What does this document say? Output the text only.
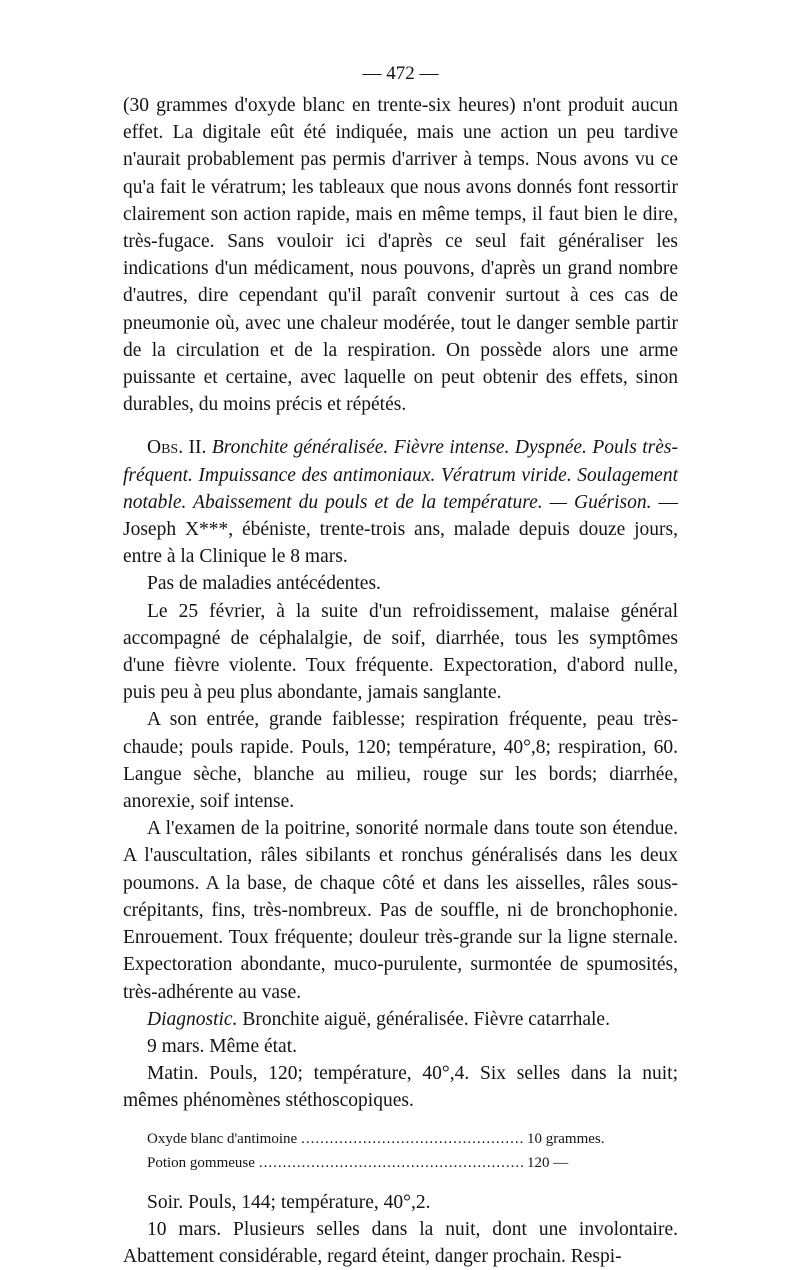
— 472 —

(30 grammes d'oxyde blanc en trente-six heures) n'ont produit aucun effet. La digitale eût été indiquée, mais une action un peu tardive n'aurait probablement pas permis d'arriver à temps. Nous avons vu ce qu'a fait le vératrum; les tableaux que nous avons donnés font ressortir clairement son action rapide, mais en même temps, il faut bien le dire, très-fugace. Sans vouloir ici d'après ce seul fait généraliser les indications d'un médicament, nous pouvons, d'après un grand nombre d'autres, dire cependant qu'il paraît convenir surtout à ces cas de pneumonie où, avec une chaleur modérée, tout le danger semble partir de la circulation et de la respiration. On possède alors une arme puissante et certaine, avec laquelle on peut obtenir des effets, sinon durables, du moins précis et répétés.

Obs. II. Bronchite généralisée. Fièvre intense. Dyspnée. Pouls très-fréquent. Impuissance des antimoniaux. Vératrum viride. Soulagement notable. Abaissement du pouls et de la température. — Guérison. — Joseph X***, ébéniste, trente-trois ans, malade depuis douze jours, entre à la Clinique le 8 mars.

Pas de maladies antécédentes.

Le 25 février, à la suite d'un refroidissement, malaise général accompagné de céphalalgie, de soif, diarrhée, tous les symptômes d'une fièvre violente. Toux fréquente. Expectoration, d'abord nulle, puis peu à peu plus abondante, jamais sanglante.

A son entrée, grande faiblesse; respiration fréquente, peau très-chaude; pouls rapide. Pouls, 120; température, 40°,8; respiration, 60. Langue sèche, blanche au milieu, rouge sur les bords; diarrhée, anorexie, soif intense.

A l'examen de la poitrine, sonorité normale dans toute son étendue. A l'auscultation, râles sibilants et ronchus généralisés dans les deux poumons. A la base, de chaque côté et dans les aisselles, râles sous-crépitants, fins, très-nombreux. Pas de souffle, ni de bronchophonie. Enrouement. Toux fréquente; douleur très-grande sur la ligne sternale. Expectoration abondante, muco-purulente, surmontée de spumosités, très-adhérente au vase.

Diagnostic. Bronchite aiguë, généralisée. Fièvre catarrhale.

9 mars. Même état.

Matin. Pouls, 120; température, 40°,4. Six selles dans la nuit; mêmes phénomènes stéthoscopiques.

Oxyde blanc d'antimoine .....	10 grammes.
Potion gommeuse .....	120 —

Soir. Pouls, 144; température, 40°,2.

10 mars. Plusieurs selles dans la nuit, dont une involontaire. Abattement considérable, regard éteint, danger prochain. Respi-
